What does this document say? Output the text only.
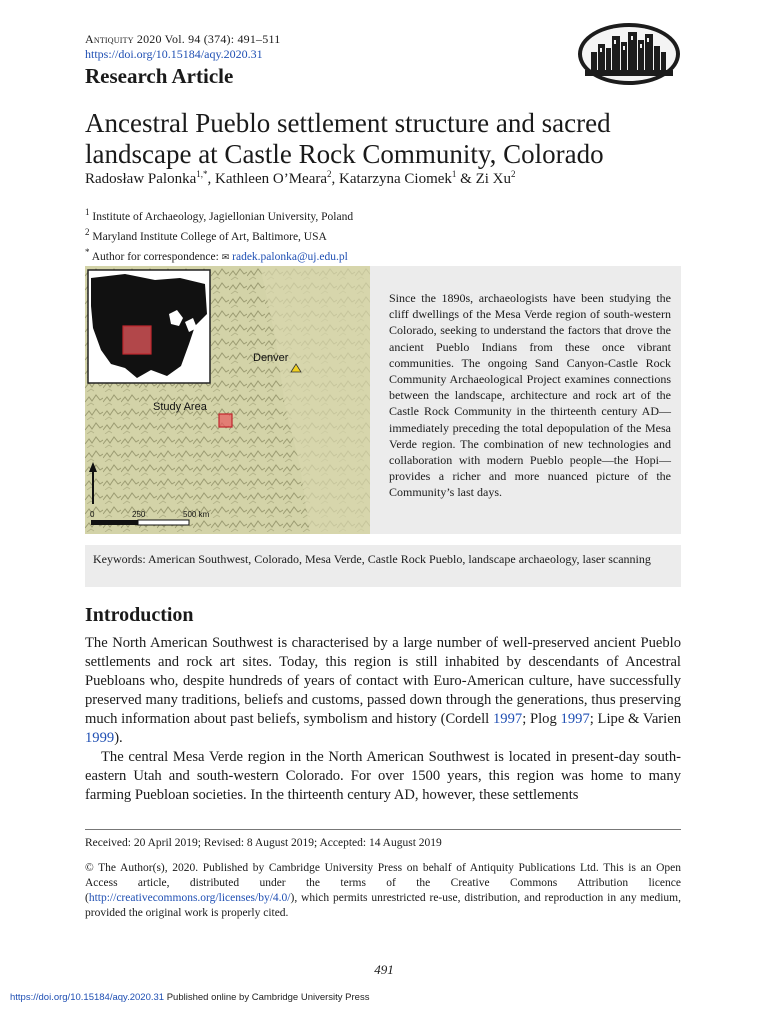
Antiquity 2020 Vol. 94 (374): 491–511
https://doi.org/10.15184/aqy.2020.31
Research Article
Ancestral Pueblo settlement structure and sacred landscape at Castle Rock Community, Colorado
Radosław Palonka$^{1,*}$, Kathleen O’Meara$^2$, Katarzyna Ciomek$^1$ & Zi Xu$^2$
$^1$ Institute of Archaeology, Jagiellonian University, Poland
$^2$ Maryland Institute College of Art, Baltimore, USA
* Author for correspondence: ✉ radek.palonka@uj.edu.pl
Denver
Study Area
0	250	500 km
Since the 1890s, archaeologists have been studying the cliff dwellings of the Mesa Verde region of south-western Colorado, seeking to understand the factors that drove the ancient Pueblo Indians from these once vibrant communities. The ongoing Sand Canyon-Castle Rock Community Archaeological Project examines connections between the landscape, architecture and rock art of the Castle Rock Community in the thirteenth century AD—immediately preceding the total depopulation of the Mesa Verde region. The combination of new technologies and collaboration with modern Pueblo people—the Hopi—provides a richer and more nuanced picture of the Community’s last days.
Keywords: American Southwest, Colorado, Mesa Verde, Castle Rock Pueblo, landscape archaeology, laser scanning
Introduction

The North American Southwest is characterised by a large number of well-preserved ancient Pueblo settlements and rock art sites. Today, this region is still inhabited by descendants of Ancestral Puebloans who, despite hundreds of years of contact with Euro-American culture, have successfully preserved many traditions, beliefs and customs, passed down through the generations, thus preserving much information about past beliefs, symbolism and history (Cordell 1997; Plog 1997; Lipe & Varien 1999).

The central Mesa Verde region in the North American Southwest is located in present-day south-eastern Utah and south-western Colorado. For over 1500 years, this region was home to many farming Puebloan societies. In the thirteenth century AD, however, these settlements

Received: 20 April 2019; Revised: 8 August 2019; Accepted: 14 August 2019
© The Author(s), 2020. Published by Cambridge University Press on behalf of Antiquity Publications Ltd. This is an Open Access article, distributed under the terms of the Creative Commons Attribution licence (http://creativecommons.org/licenses/by/4.0/), which permits unrestricted re-use, distribution, and reproduction in any medium, provided the original work is properly cited.
491
https://doi.org/10.15184/aqy.2020.31 Published online by Cambridge University Press
